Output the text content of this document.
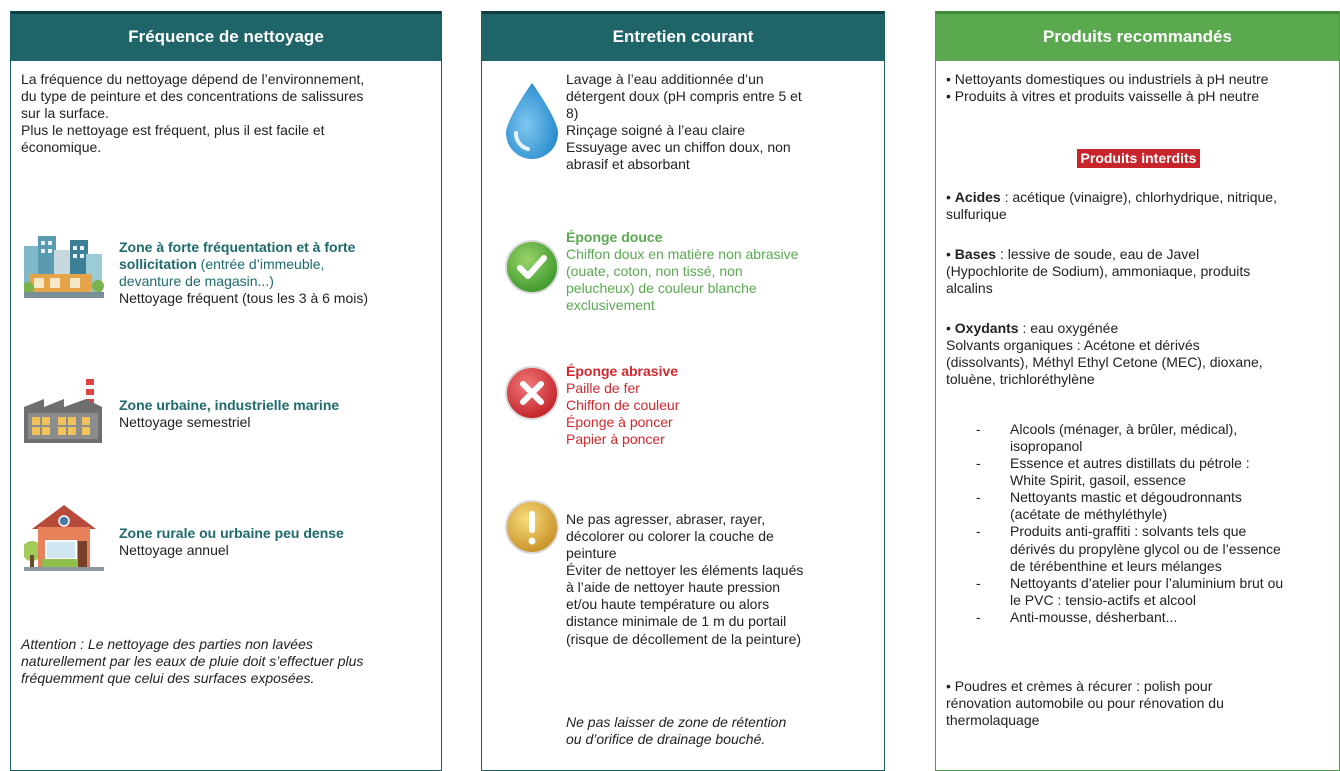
Fréquence de nettoyage
La fréquence du nettoyage dépend de l’environnement,
du type de peinture et des concentrations de salissures
sur la surface.
Plus le nettoyage est fréquent, plus il est facile et
économique.
Zone à forte fréquentation et à forte
sollicitation (entrée d’immeuble,
devanture de magasin...)
Nettoyage fréquent (tous les 3 à 6 mois)
Zone urbaine, industrielle marine
Nettoyage semestriel
Zone rurale ou urbaine peu dense
Nettoyage annuel
Attention : Le nettoyage des parties non lavées
naturellement par les eaux de pluie doit s’effectuer plus
fréquemment que celui des surfaces exposées.
Entretien courant
Lavage à l’eau additionnée d’un
détergent doux (pH compris entre 5 et
8)
Rinçage soigné à l’eau claire
Essuyage avec un chiffon doux, non
abrasif et absorbant
Éponge douce
Chiffon doux en matière non abrasive
(ouate, coton, non tissé, non
pelucheux) de couleur blanche
exclusivement
Éponge abrasive
Paille de fer
Chiffon de couleur
Éponge à poncer
Papier à poncer
Ne pas agresser, abraser, rayer,
décolorer ou colorer la couche de
peinture
Éviter de nettoyer les éléments laqués
à l’aide de nettoyer haute pression
et/ou haute température ou alors
distance minimale de 1 m du portail
(risque de décollement de la peinture)
Ne pas laisser de zone de rétention
ou d’orifice de drainage bouché.
Produits recommandés
• Nettoyants domestiques ou industriels à pH neutre
• Produits à vitres et produits vaisselle à pH neutre
Produits interdits
• Acides : acétique (vinaigre), chlorhydrique, nitrique,
sulfurique
• Bases : lessive de soude, eau de Javel
(Hypochlorite de Sodium), ammoniaque, produits
alcalins
• Oxydants : eau oxygénée
Solvants organiques : Acétone et dérivés
(dissolvants), Méthyl Ethyl Cetone (MEC), dioxane,
toluène, trichloréthylène
- Alcools (ménager, à brûler, médical),
isopropanol
- Essence et autres distillats du pétrole :
White Spirit, gasoil, essence
- Nettoyants mastic et dégoudronnants
(acétate de méthyléthyle)
- Produits anti-graffiti : solvants tels que
dérivés du propylène glycol ou de l’essence
de térébenthine et leurs mélanges
- Nettoyants d’atelier pour l’aluminium brut ou
le PVC : tensio-actifs et alcool
- Anti-mousse, désherbant...
• Poudres et crèmes à récurer : polish pour
rénovation automobile ou pour rénovation du
thermolaquage
